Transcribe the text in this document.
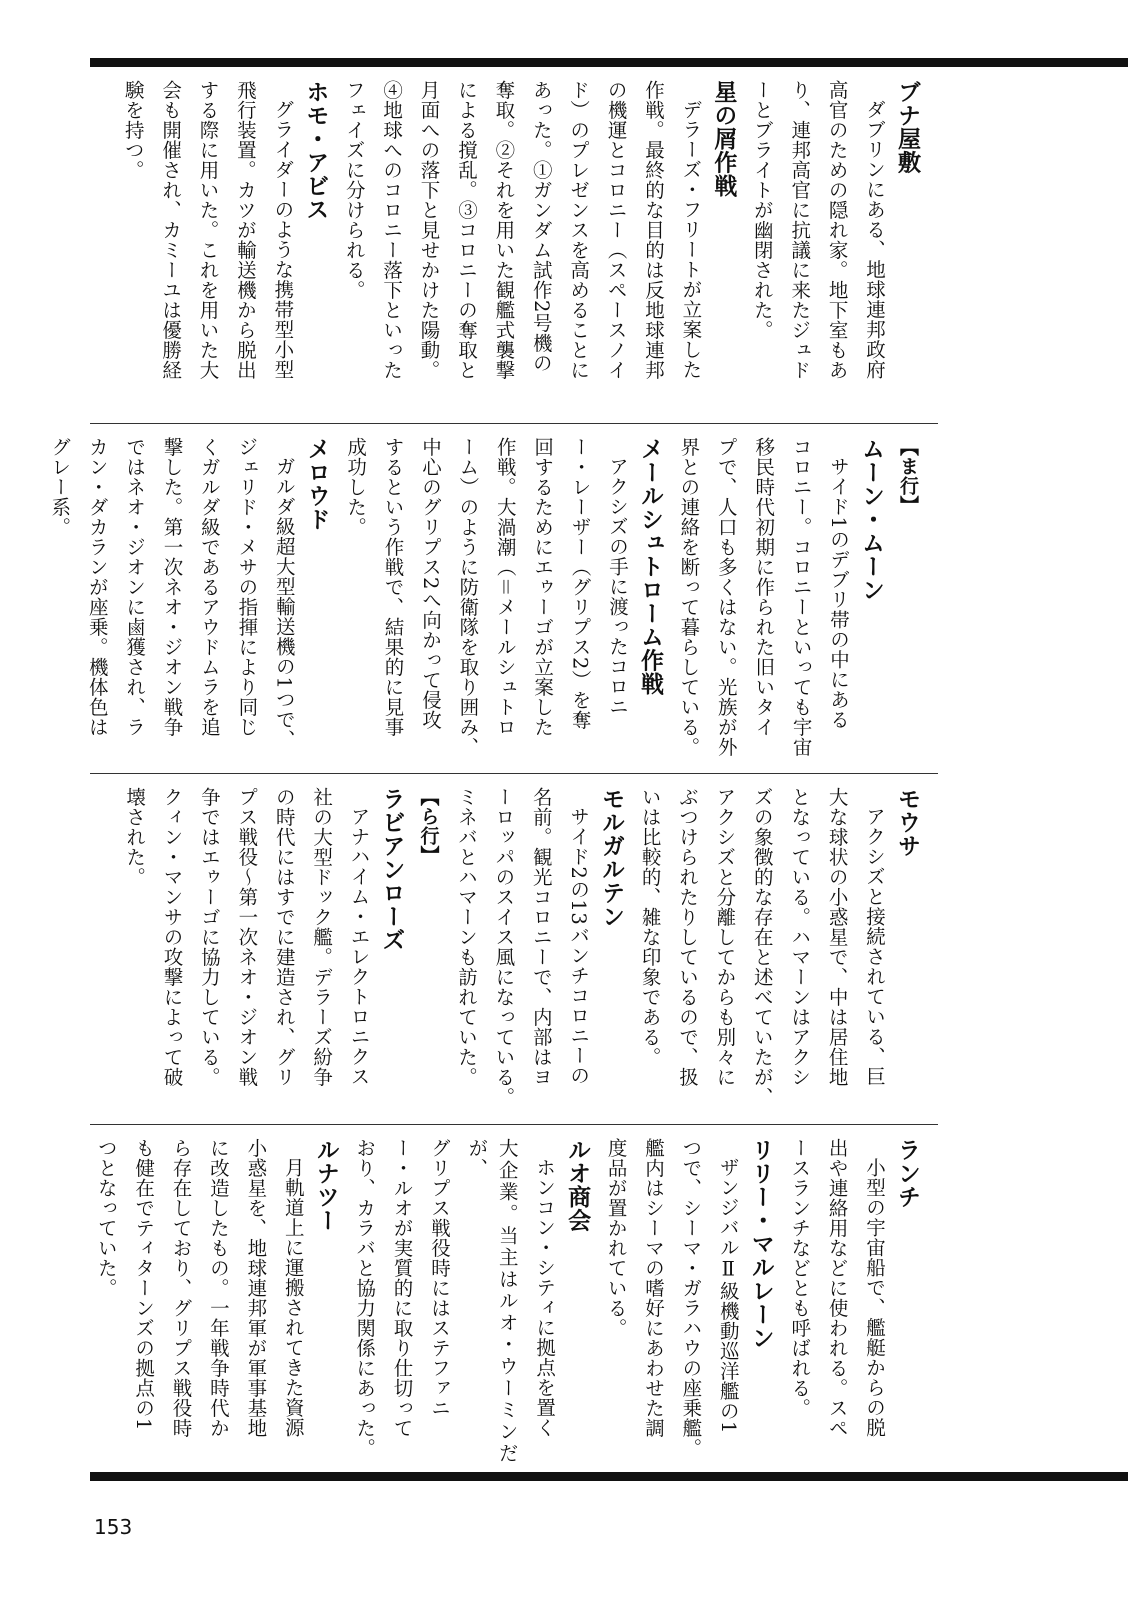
ブナ屋敷
ダブリンにある、地球連邦政府
高官のための隠れ家。地下室もあ
り、連邦高官に抗議に来たジュド
ーとブライトが幽閉された。
星の屑作戦
デラーズ・フリートが立案した
作戦。最終的な目的は反地球連邦
の機運とコロニー（スペースノイ
ド）のプレゼンスを高めることに
あった。①ガンダム試作2号機の
奪取。②それを用いた観艦式襲撃
による撹乱。③コロニーの奪取と
月面への落下と見せかけた陽動。
④地球へのコロニー落下といった
フェイズに分けられる。
ホモ・アビス
グライダーのような携帯型小型
飛行装置。カツが輸送機から脱出
する際に用いた。これを用いた大
会も開催され、カミーユは優勝経
験を持つ。
【ま行】
ムーン・ムーン
サイド1のデブリ帯の中にある
コロニー。コロニーといっても宇宙
移民時代初期に作られた旧いタイ
プで、人口も多くはない。光族が外
界との連絡を断って暮らしている。
メールシュトローム作戦
アクシズの手に渡ったコロニ
ー・レーザー（グリプス2）を奪
回するためにエゥーゴが立案した
作戦。大渦潮（＝メールシュトロ
ーム）のように防衛隊を取り囲み、
中心のグリプス2へ向かって侵攻
するという作戦で、結果的に見事
成功した。
メロウド
ガルダ級超大型輸送機の1つで、
ジェリド・メサの指揮により同じ
くガルダ級であるアウドムラを追
撃した。第一次ネオ・ジオン戦争
ではネオ・ジオンに鹵獲され、ラ
カン・ダカランが座乗。機体色は
グレー系。
モウサ
アクシズと接続されている、巨
大な球状の小惑星で、中は居住地
となっている。ハマーンはアクシ
ズの象徴的な存在と述べていたが、
アクシズと分離してからも別々に
ぶつけられたりしているので、扱
いは比較的、雑な印象である。
モルガルテン
サイド2の13バンチコロニーの
名前。観光コロニーで、内部はヨ
ーロッパのスイス風になっている。
ミネバとハマーンも訪れていた。
【ら行】
ラビアンローズ
アナハイム・エレクトロニクス
社の大型ドック艦。デラーズ紛争
の時代にはすでに建造され、グリ
プス戦役〜第一次ネオ・ジオン戦
争ではエゥーゴに協力している。
クィン・マンサの攻撃によって破
壊された。
ランチ
小型の宇宙船で、艦艇からの脱
出や連絡用などに使われる。スペ
ースランチなどとも呼ばれる。
リリー・マルレーン
ザンジバルⅡ級機動巡洋艦の1
つで、シーマ・ガラハウの座乗艦。
艦内はシーマの嗜好にあわせた調
度品が置かれている。
ルオ商会
ホンコン・シティに拠点を置く
大企業。当主はルオ・ウーミンだが、
グリプス戦役時にはステファニ
ー・ルオが実質的に取り仕切って
おり、カラバと協力関係にあった。
ルナツー
月軌道上に運搬されてきた資源
小惑星を、地球連邦軍が軍事基地
に改造したもの。一年戦争時代か
ら存在しており、グリプス戦役時
も健在でティターンズの拠点の1
つとなっていた。
153
